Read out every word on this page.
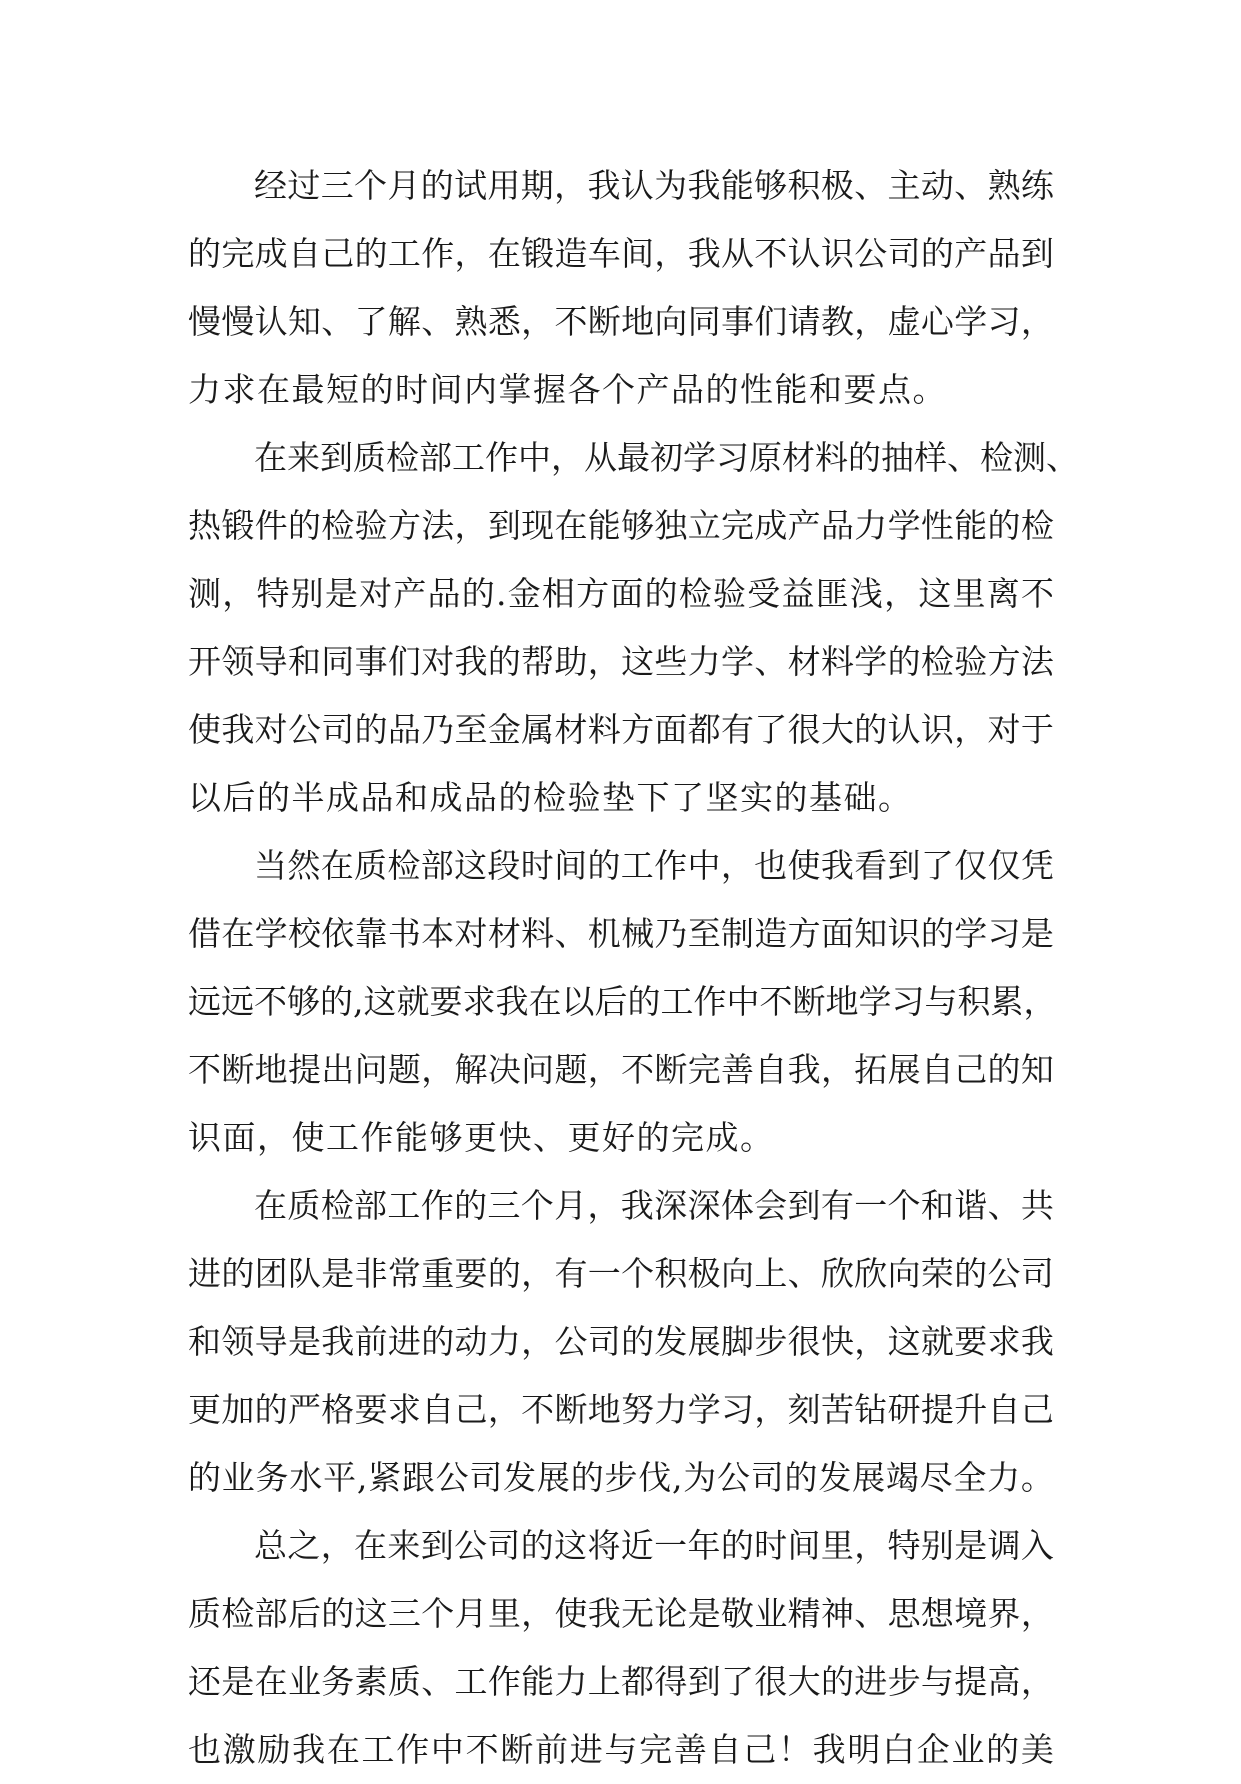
经 过 三 个 月 的 试 用 期 ， 我 认 为 我 能 够 积 极 、 主 动 、 熟 练
的 完 成 自 己 的 工 作 ， 在 锻 造 车 间 ， 我 从 不 认 识 公 司 的 产 品 到
慢 慢 认 知 、 了 解 、 熟 悉 ， 不 断 地 向 同 事 们 请 教 ， 虚 心 学 习 ，
力求在最短的时间内掌握各个产品的性能和要点。
在 来 到 质 检 部 工 作 中 ， 从 最 初 学 习 原 材 料 的 抽 样 、 检 测 、
热 锻 件 的 检 验 方 法 ， 到 现 在 能 够 独 立 完 成 产 品 力 学 性 能 的 检
测 ， 特 别 是 对 产 品 的 . 金 相 方 面 的 检 验 受 益 匪 浅 ， 这 里 离 不
开 领 导 和 同 事 们 对 我 的 帮 助 ， 这 些 力 学 、 材 料 学 的 检 验 方 法
使 我 对 公 司 的 品 乃 至 金 属 材 料 方 面 都 有 了 很 大 的 认 识 ， 对 于
以后的半成品和成品的检验垫下了坚实的基础。
当 然 在 质 检 部 这 段 时 间 的 工 作 中 ， 也 使 我 看 到 了 仅 仅 凭
借 在 学 校 依 靠 书 本 对 材 料 、 机 械 乃 至 制 造 方 面 知 识 的 学 习 是
远 远 不 够 的 , 这 就 要 求 我 在 以 后 的 工 作 中 不 断 地 学 习 与 积 累 ，
不 断 地 提 出 问 题 ， 解 决 问 题 ， 不 断 完 善 自 我 ， 拓 展 自 己 的 知
识面，使工作能够更快、更好的完成。
在 质 检 部 工 作 的 三 个 月 ， 我 深 深 体 会 到 有 一 个 和 谐 、 共
进 的 团 队 是 非 常 重 要 的 ， 有 一 个 积 极 向 上 、 欣 欣 向 荣 的 公 司
和 领 导 是 我 前 进 的 动 力 ， 公 司 的 发 展 脚 步 很 快 ， 这 就 要 求 我
更 加 的 严 格 要 求 自 己 ， 不 断 地 努 力 学 习 ， 刻 苦 钻 研 提 升 自 己
的 业 务 水 平 , 紧 跟 公 司 发 展 的 步 伐 , 为 公 司 的 发 展 竭 尽 全 力 。
总 之 ， 在 来 到 公 司 的 这 将 近 一 年 的 时 间 里 ， 特 别 是 调 入
质 检 部 后 的 这 三 个 月 里 ， 使 我 无 论 是 敬 业 精 神 、 思 想 境 界 ，
还 是 在 业 务 素 质 、 工 作 能 力 上 都 得 到 了 很 大 的 进 步 与 提 高 ，
也 激 励 我 在 工 作 中 不 断 前 进 与 完 善 自 己 ！ 我 明 白 企 业 的 美
